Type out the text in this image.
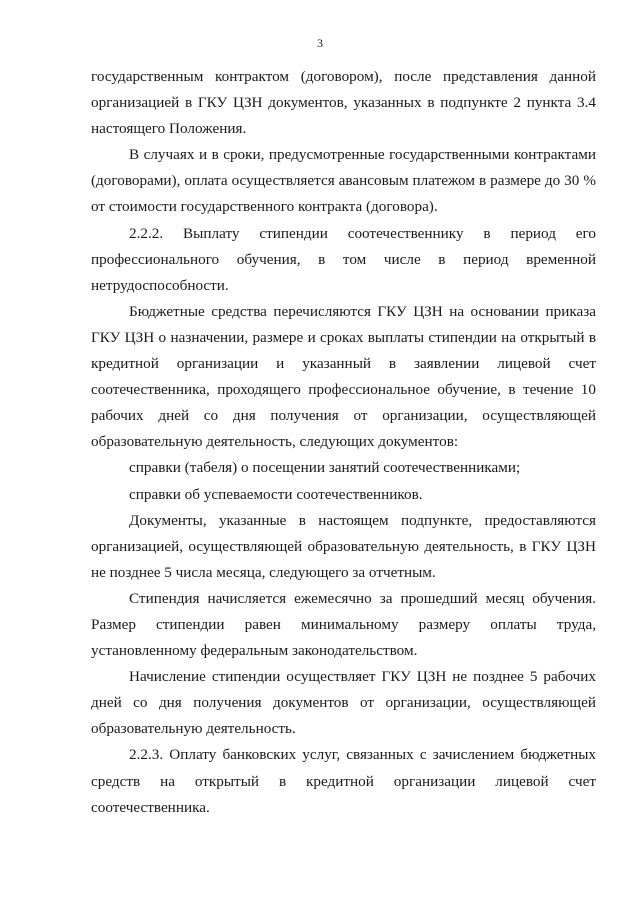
3

государственным контрактом (договором), после представления данной организацией в ГКУ ЦЗН документов, указанных в подпункте 2 пункта 3.4 настоящего Положения.

В случаях и в сроки, предусмотренные государственными контрактами (договорами), оплата осуществляется авансовым платежом в размере до 30 % от стоимости государственного контракта (договора).

2.2.2. Выплату стипендии соотечественнику в период его профессионального обучения, в том числе в период временной нетрудоспособности.

Бюджетные средства перечисляются ГКУ ЦЗН на основании приказа ГКУ ЦЗН о назначении, размере и сроках выплаты стипендии на открытый в кредитной организации и указанный в заявлении лицевой счет соотечественника, проходящего профессиональное обучение, в течение 10 рабочих дней со дня получения от организации, осуществляющей образовательную деятельность, следующих документов:

справки (табеля) о посещении занятий соотечественниками;

справки об успеваемости соотечественников.

Документы, указанные в настоящем подпункте, предоставляются организацией, осуществляющей образовательную деятельность, в ГКУ ЦЗН не позднее 5 числа месяца, следующего за отчетным.

Стипендия начисляется ежемесячно за прошедший месяц обучения. Размер стипендии равен минимальному размеру оплаты труда, установленному федеральным законодательством.

Начисление стипендии осуществляет ГКУ ЦЗН не позднее 5 рабочих дней со дня получения документов от организации, осуществляющей образовательную деятельность.

2.2.3. Оплату банковских услуг, связанных с зачислением бюджетных средств на открытый в кредитной организации лицевой счет соотечественника.
